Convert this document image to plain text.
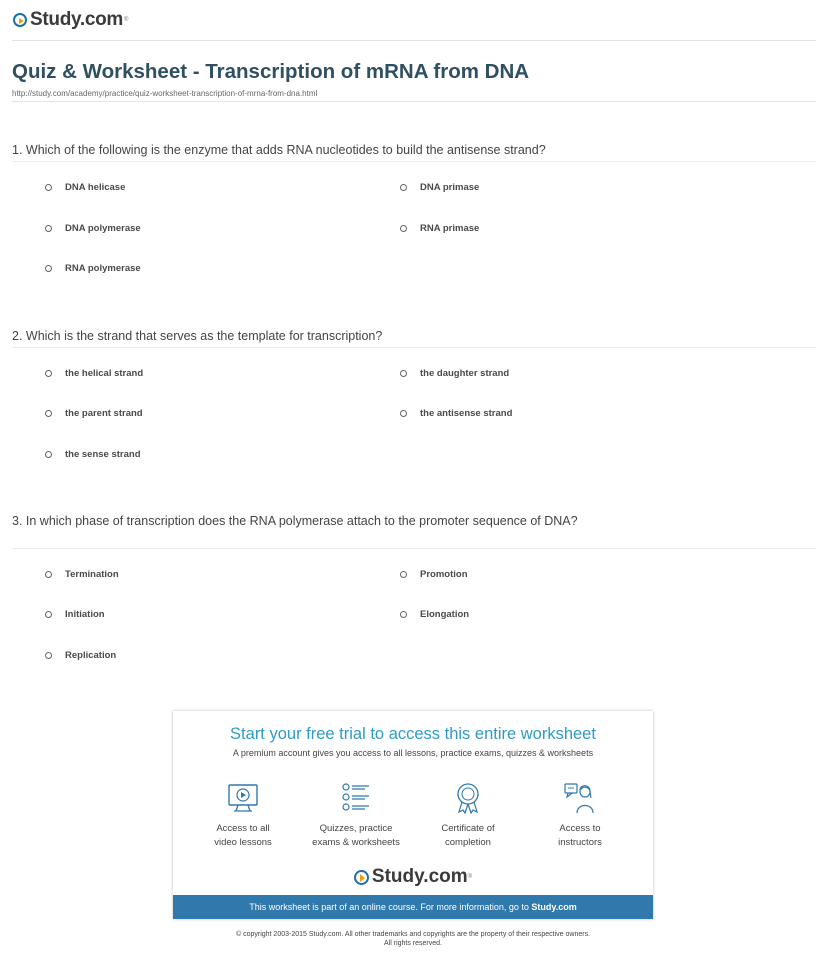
Study.com ®
Quiz & Worksheet - Transcription of mRNA from DNA
http://study.com/academy/practice/quiz-worksheet-transcription-of-mrna-from-dna.html
1. Which of the following is the enzyme that adds RNA nucleotides to build the antisense strand?
DNA helicase	DNA primase
DNA polymerase	RNA primase
RNA polymerase
2. Which is the strand that serves as the template for transcription?
the helical strand	the daughter strand
the parent strand	the antisense strand
the sense strand
3. In which phase of transcription does the RNA polymerase attach to the promoter sequence of DNA?
Termination	Promotion
Initiation	Elongation
Replication
Start your free trial to access this entire worksheet
A premium account gives you access to all lessons, practice exams, quizzes & worksheets
Access to all
video lessons
Quizzes, practice
exams & worksheets
Certificate of
completion
Access to
instructors
Study.com ®
This worksheet is part of an online course. For more information, go to Study.com
© copyright 2003-2015 Study.com. All other trademarks and copyrights are the property of their respective owners.
All rights reserved.
